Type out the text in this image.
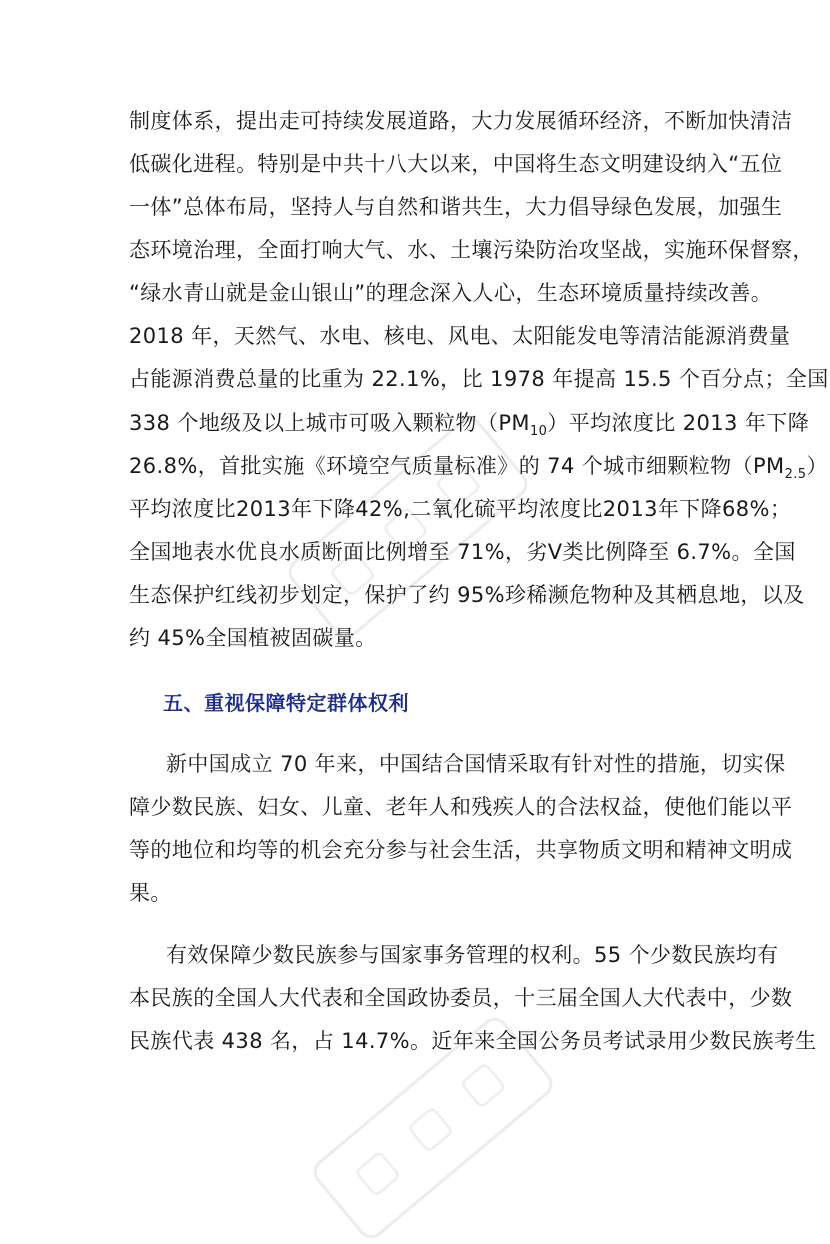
▢ ▢ ▢
▢ ▢ ▢
制度体系，提出走可持续发展道路，大力发展循环经济，不断加快清洁
低碳化进程。特别是中共十八大以来，中国将生态文明建设纳入“五位
一体”总体布局，坚持人与自然和谐共生，大力倡导绿色发展，加强生
态环境治理，全面打响大气、水、土壤污染防治攻坚战，实施环保督察，
“绿水青山就是金山银山”的理念深入人心，生态环境质量持续改善。
2018 年，天然气、水电、核电、风电、太阳能发电等清洁能源消费量
占能源消费总量的比重为 22.1%，比 1978 年提高 15.5 个百分点；全国
338 个地级及以上城市可吸入颗粒物$(PM_{10})$平均浓度比 2013 年下降
26.8%，首批实施《环境空气质量标准》的 74 个城市细颗粒物$(PM_{2.5})$
平均浓度比2013年下降42%,二氧化硫平均浓度比2013年下降68%；
全国地表水优良水质断面比例增至 71%，劣Ⅴ类比例降至 6.7%。全国
生态保护红线初步划定，保护了约 95%珍稀濒危物种及其栖息地，以及
约 45%全国植被固碳量。
五、重视保障特定群体权利
新中国成立 70 年来，中国结合国情采取有针对性的措施，切实保
障少数民族、妇女、儿童、老年人和残疾人的合法权益，使他们能以平
等的地位和均等的机会充分参与社会生活，共享物质文明和精神文明成
果。
有效保障少数民族参与国家事务管理的权利。55 个少数民族均有
本民族的全国人大代表和全国政协委员，十三届全国人大代表中，少数
民族代表 438 名，占 14.7%。近年来全国公务员考试录用少数民族考生
